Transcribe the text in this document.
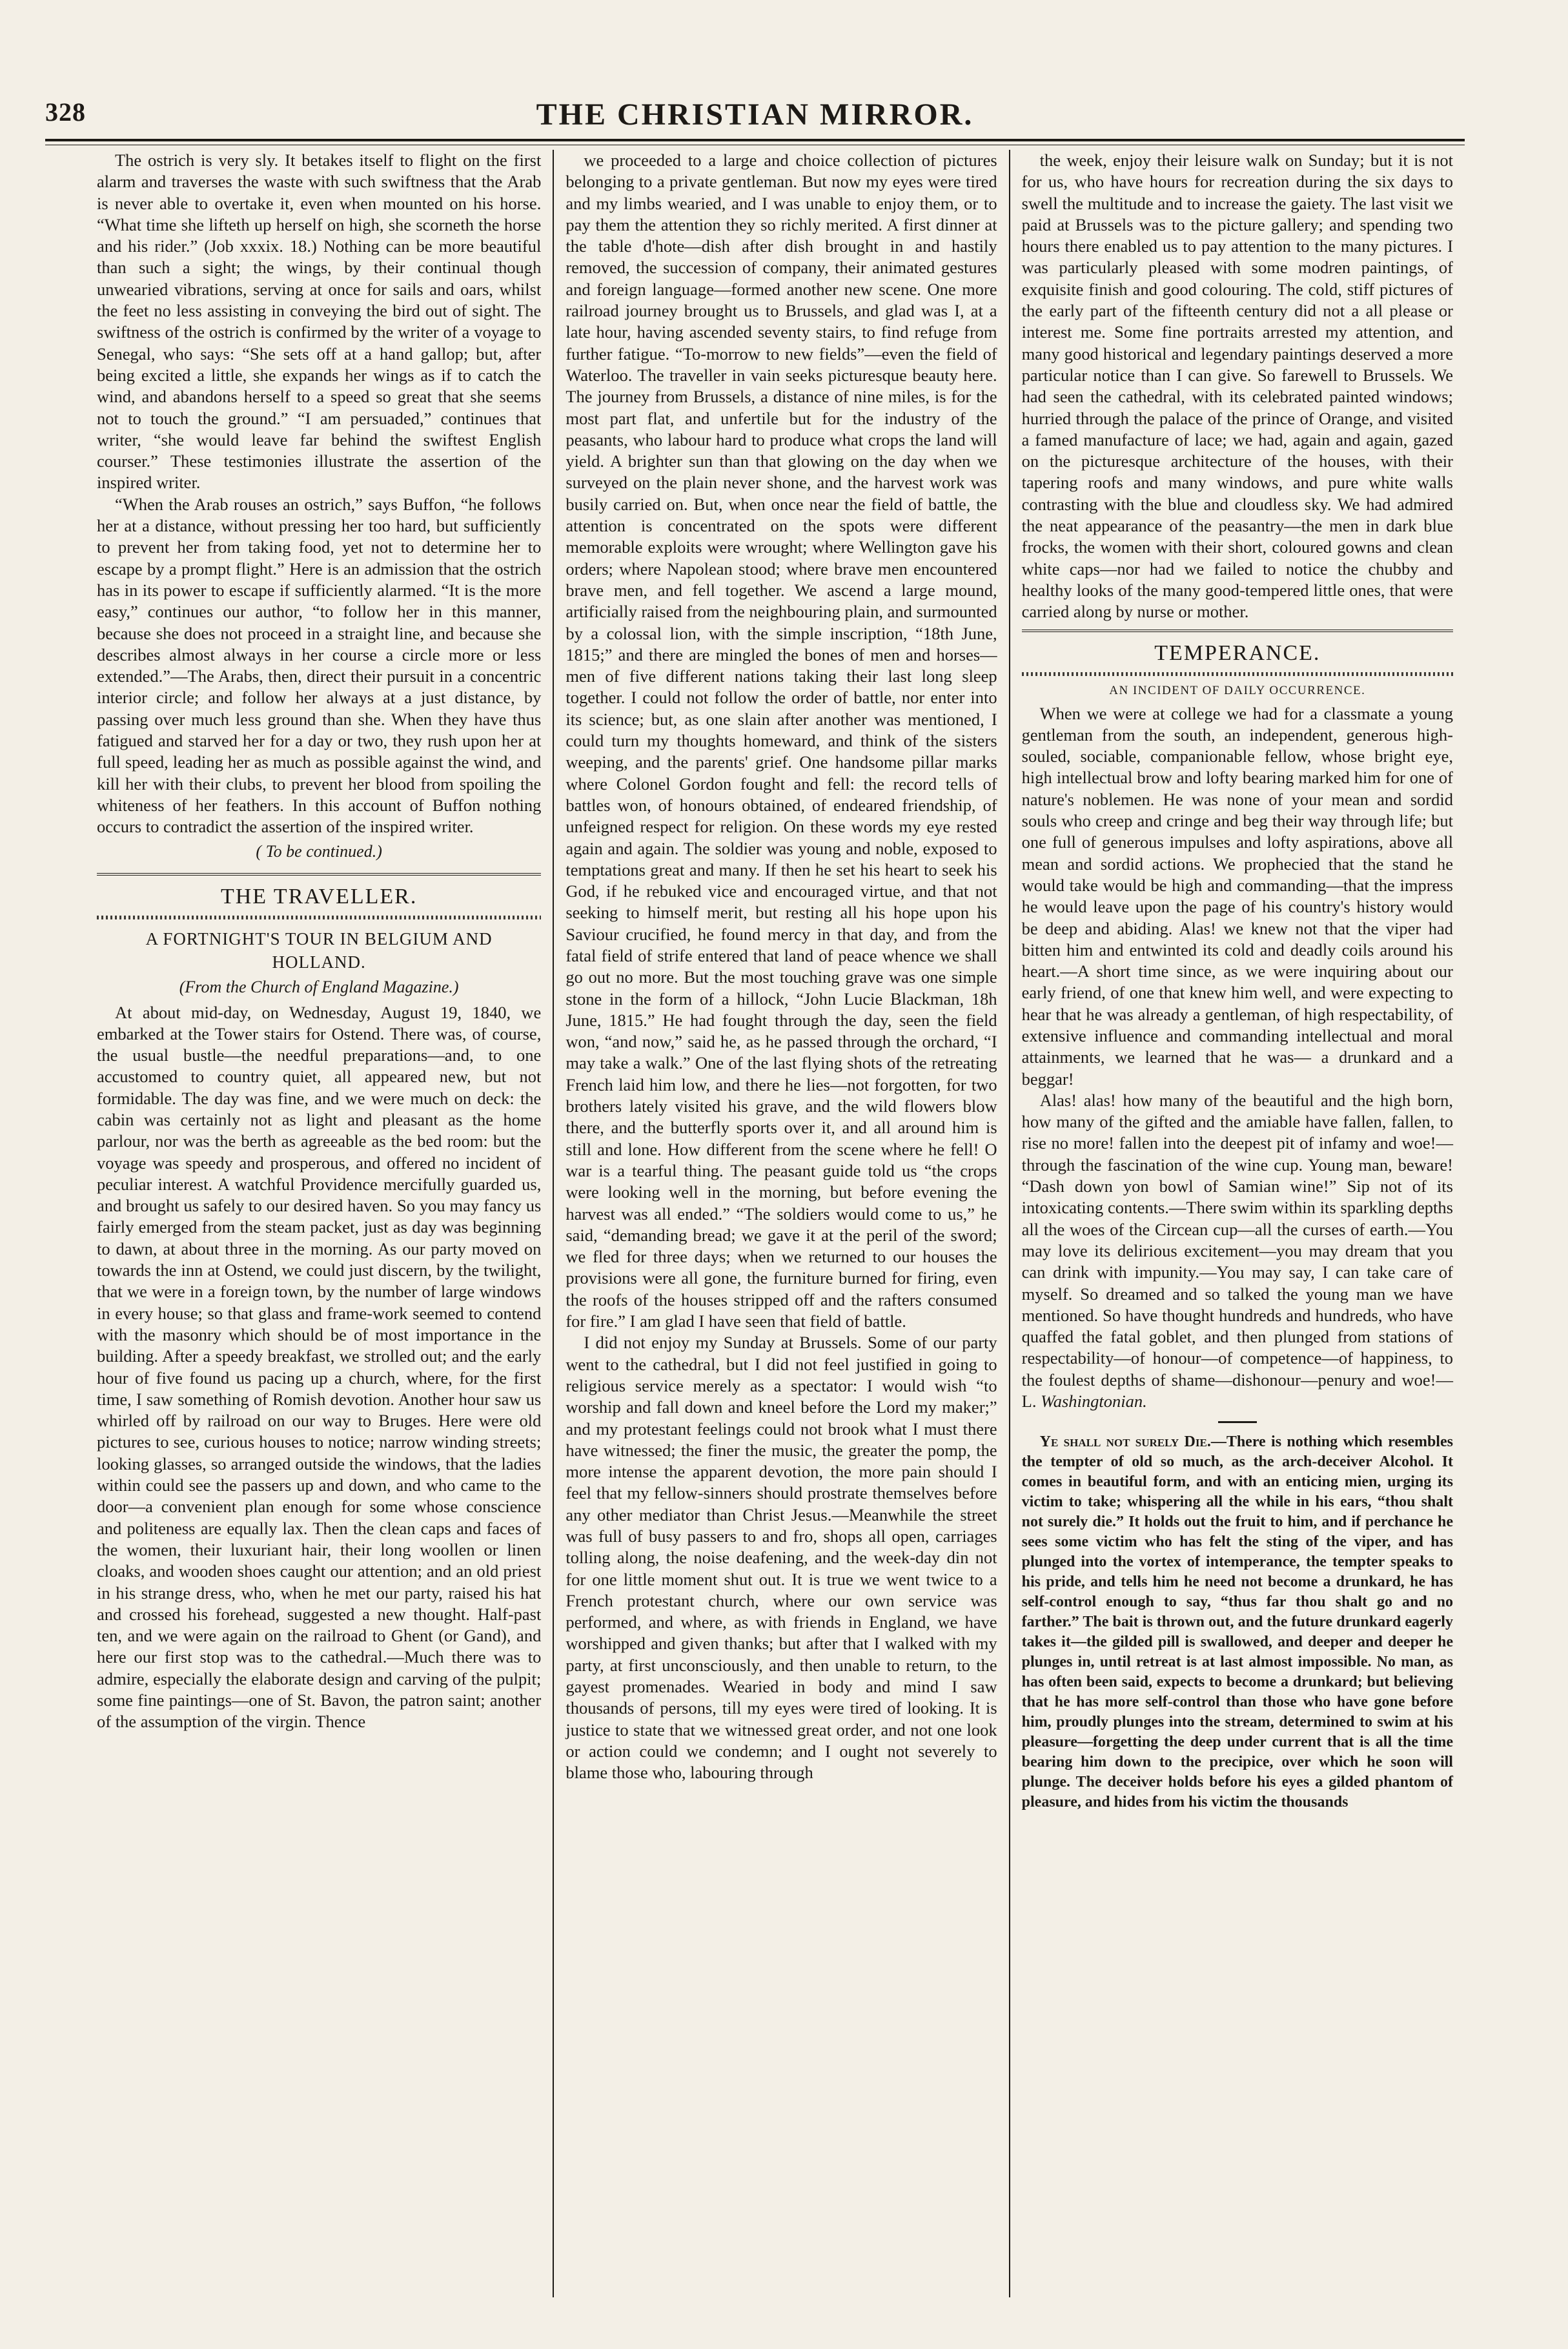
THE CHRISTIAN MIRROR.
328

The ostrich is very sly. It betakes itself to flight on the first alarm and traverses the waste with such swiftness that the Arab is never able to overtake it, even when mounted on his horse. “What time she lifteth up herself on high, she scorneth the horse and his rider.” (Job xxxix. 18.) Nothing can be more beautiful than such a sight; the wings, by their continual though unwearied vibrations, serving at once for sails and oars, whilst the feet no less assisting in conveying the bird out of sight. The swiftness of the ostrich is confirmed by the writer of a voyage to Senegal, who says: “She sets off at a hand gallop; but, after being excited a little, she expands her wings as if to catch the wind, and abandons herself to a speed so great that she seems not to touch the ground.” “I am persuaded,” continues that writer, “she would leave far behind the swiftest English courser.” These testimonies illustrate the assertion of the inspired writer.

“When the Arab rouses an ostrich,” says Buffon, “he follows her at a distance, without pressing her too hard, but sufficiently to prevent her from taking food, yet not to determine her to escape by a prompt flight.” Here is an admission that the ostrich has in its power to escape if sufficiently alarmed. “It is the more easy,” continues our author, “to follow her in this manner, because she does not proceed in a straight line, and because she describes almost always in her course a circle more or less extended.”—The Arabs, then, direct their pursuit in a concentric interior circle; and follow her always at a just distance, by passing over much less ground than she. When they have thus fatigued and starved her for a day or two, they rush upon her at full speed, leading her as much as possible against the wind, and kill her with their clubs, to prevent her blood from spoiling the whiteness of her feathers. In this account of Buffon nothing occurs to contradict the assertion of the inspired writer.

( To be continued.)
THE TRAVELLER.
A FORTNIGHT'S TOUR IN BELGIUM AND HOLLAND.
(From the Church of England Magazine.)

At about mid-day, on Wednesday, August 19, 1840, we embarked at the Tower stairs for Ostend. There was, of course, the usual bustle—the needful preparations—and, to one accustomed to country quiet, all appeared new, but not formidable. The day was fine, and we were much on deck: the cabin was certainly not as light and pleasant as the home parlour, nor was the berth as agreeable as the bed room: but the voyage was speedy and prosperous, and offered no incident of peculiar interest. A watchful Providence mercifully guarded us, and brought us safely to our desired haven. So you may fancy us fairly emerged from the steam packet, just as day was beginning to dawn, at about three in the morning. As our party moved on towards the inn at Ostend, we could just discern, by the twilight, that we were in a foreign town, by the number of large windows in every house; so that glass and frame-work seemed to contend with the masonry which should be of most importance in the building. After a speedy breakfast, we strolled out; and the early hour of five found us pacing up a church, where, for the first time, I saw something of Romish devotion. Another hour saw us whirled off by railroad on our way to Bruges. Here were old pictures to see, curious houses to notice; narrow winding streets; looking glasses, so arranged outside the windows, that the ladies within could see the passers up and down, and who came to the door—a convenient plan enough for some whose conscience and politeness are equally lax. Then the clean caps and faces of the women, their luxuriant hair, their long woollen or linen cloaks, and wooden shoes caught our attention; and an old priest in his strange dress, who, when he met our party, raised his hat and crossed his forehead, suggested a new thought. Half-past ten, and we were again on the railroad to Ghent (or Gand), and here our first stop was to the cathedral.—Much there was to admire, especially the elaborate design and carving of the pulpit; some fine paintings—one of St. Bavon, the patron saint; another of the assumption of the virgin. Thence

we proceeded to a large and choice collection of pictures belonging to a private gentleman. But now my eyes were tired and my limbs wearied, and I was unable to enjoy them, or to pay them the attention they so richly merited. A first dinner at the table d'hote—dish after dish brought in and hastily removed, the succession of company, their animated gestures and foreign language—formed another new scene. One more railroad journey brought us to Brussels, and glad was I, at a late hour, having ascended seventy stairs, to find refuge from further fatigue. “To-morrow to new fields”—even the field of Waterloo. The traveller in vain seeks picturesque beauty here. The journey from Brussels, a distance of nine miles, is for the most part flat, and unfertile but for the industry of the peasants, who labour hard to produce what crops the land will yield. A brighter sun than that glowing on the day when we surveyed on the plain never shone, and the harvest work was busily carried on. But, when once near the field of battle, the attention is concentrated on the spots were different memorable exploits were wrought; where Wellington gave his orders; where Napolean stood; where brave men encountered brave men, and fell together. We ascend a large mound, artificially raised from the neighbouring plain, and surmounted by a colossal lion, with the simple inscription, “18th June, 1815;” and there are mingled the bones of men and horses—men of five different nations taking their last long sleep together. I could not follow the order of battle, nor enter into its science; but, as one slain after another was mentioned, I could turn my thoughts homeward, and think of the sisters weeping, and the parents' grief. One handsome pillar marks where Colonel Gordon fought and fell: the record tells of battles won, of honours obtained, of endeared friendship, of unfeigned respect for religion. On these words my eye rested again and again. The soldier was young and noble, exposed to temptations great and many. If then he set his heart to seek his God, if he rebuked vice and encouraged virtue, and that not seeking to himself merit, but resting all his hope upon his Saviour crucified, he found mercy in that day, and from the fatal field of strife entered that land of peace whence we shall go out no more. But the most touching grave was one simple stone in the form of a hillock, “John Lucie Blackman, 18h June, 1815.” He had fought through the day, seen the field won, “and now,” said he, as he passed through the orchard, “I may take a walk.” One of the last flying shots of the retreating French laid him low, and there he lies—not forgotten, for two brothers lately visited his grave, and the wild flowers blow there, and the butterfly sports over it, and all around him is still and lone. How different from the scene where he fell! O war is a tearful thing. The peasant guide told us “the crops were looking well in the morning, but before evening the harvest was all ended.” “The soldiers would come to us,” he said, “demanding bread; we gave it at the peril of the sword; we fled for three days; when we returned to our houses the provisions were all gone, the furniture burned for firing, even the roofs of the houses stripped off and the rafters consumed for fire.” I am glad I have seen that field of battle.

I did not enjoy my Sunday at Brussels. Some of our party went to the cathedral, but I did not feel justified in going to religious service merely as a spectator: I would wish “to worship and fall down and kneel before the Lord my maker;” and my protestant feelings could not brook what I must there have witnessed; the finer the music, the greater the pomp, the more intense the apparent devotion, the more pain should I feel that my fellow-sinners should prostrate themselves before any other mediator than Christ Jesus.—Meanwhile the street was full of busy passers to and fro, shops all open, carriages tolling along, the noise deafening, and the week-day din not for one little moment shut out. It is true we went twice to a French protestant church, where our own service was performed, and where, as with friends in England, we have worshipped and given thanks; but after that I walked with my party, at first unconsciously, and then unable to return, to the gayest promenades. Wearied in body and mind I saw thousands of persons, till my eyes were tired of looking. It is justice to state that we witnessed great order, and not one look or action could we condemn; and I ought not severely to blame those who, labouring through

the week, enjoy their leisure walk on Sunday; but it is not for us, who have hours for recreation during the six days to swell the multitude and to increase the gaiety. The last visit we paid at Brussels was to the picture gallery; and spending two hours there enabled us to pay attention to the many pictures. I was particularly pleased with some modren paintings, of exquisite finish and good colouring. The cold, stiff pictures of the early part of the fifteenth century did not a all please or interest me. Some fine portraits arrested my attention, and many good historical and legendary paintings deserved a more particular notice than I can give. So farewell to Brussels. We had seen the cathedral, with its celebrated painted windows; hurried through the palace of the prince of Orange, and visited a famed manufacture of lace; we had, again and again, gazed on the picturesque architecture of the houses, with their tapering roofs and many windows, and pure white walls contrasting with the blue and cloudless sky. We had admired the neat appearance of the peasantry—the men in dark blue frocks, the women with their short, coloured gowns and clean white caps—nor had we failed to notice the chubby and healthy looks of the many good-tempered little ones, that were carried along by nurse or mother.

TEMPERANCE.
AN INCIDENT OF DAILY OCCURRENCE.

When we were at college we had for a classmate a young gentleman from the south, an independent, generous high-souled, sociable, companionable fellow, whose bright eye, high intellectual brow and lofty bearing marked him for one of nature's noblemen. He was none of your mean and sordid souls who creep and cringe and beg their way through life; but one full of generous impulses and lofty aspirations, above all mean and sordid actions. We prophecied that the stand he would take would be high and commanding—that the impress he would leave upon the page of his country's history would be deep and abiding. Alas! we knew not that the viper had bitten him and entwinted its cold and deadly coils around his heart.—A short time since, as we were inquiring about our early friend, of one that knew him well, and were expecting to hear that he was already a gentleman, of high respectability, of extensive influence and commanding intellectual and moral attainments, we learned that he was— a drunkard and a beggar!

Alas! alas! how many of the beautiful and the high born, how many of the gifted and the amiable have fallen, fallen, to rise no more! fallen into the deepest pit of infamy and woe!—through the fascination of the wine cup. Young man, beware! “Dash down yon bowl of Samian wine!” Sip not of its intoxicating contents.—There swim within its sparkling depths all the woes of the Circean cup—all the curses of earth.—You may love its delirious excitement—you may dream that you can drink with impunity.—You may say, I can take care of myself. So dreamed and so talked the young man we have mentioned. So have thought hundreds and hundreds, who have quaffed the fatal goblet, and then plunged from stations of respectability—of honour—of competence—of happiness, to the foulest depths of shame—dishonour—penury and woe!—L. Washingtonian.

Ye shall not surely Die.—There is nothing which resembles the tempter of old so much, as the arch-deceiver Alcohol. It comes in beautiful form, and with an enticing mien, urging its victim to take; whispering all the while in his ears, “thou shalt not surely die.” It holds out the fruit to him, and if perchance he sees some victim who has felt the sting of the viper, and has plunged into the vortex of intemperance, the tempter speaks to his pride, and tells him he need not become a drunkard, he has self-control enough to say, “thus far thou shalt go and no farther.” The bait is thrown out, and the future drunkard eagerly takes it—the gilded pill is swallowed, and deeper and deeper he plunges in, until retreat is at last almost impossible. No man, as has often been said, expects to become a drunkard; but believing that he has more self-control than those who have gone before him, proudly plunges into the stream, determined to swim at his pleasure—forgetting the deep under current that is all the time bearing him down to the precipice, over which he soon will plunge. The deceiver holds before his eyes a gilded phantom of pleasure, and hides from his victim the thousands
